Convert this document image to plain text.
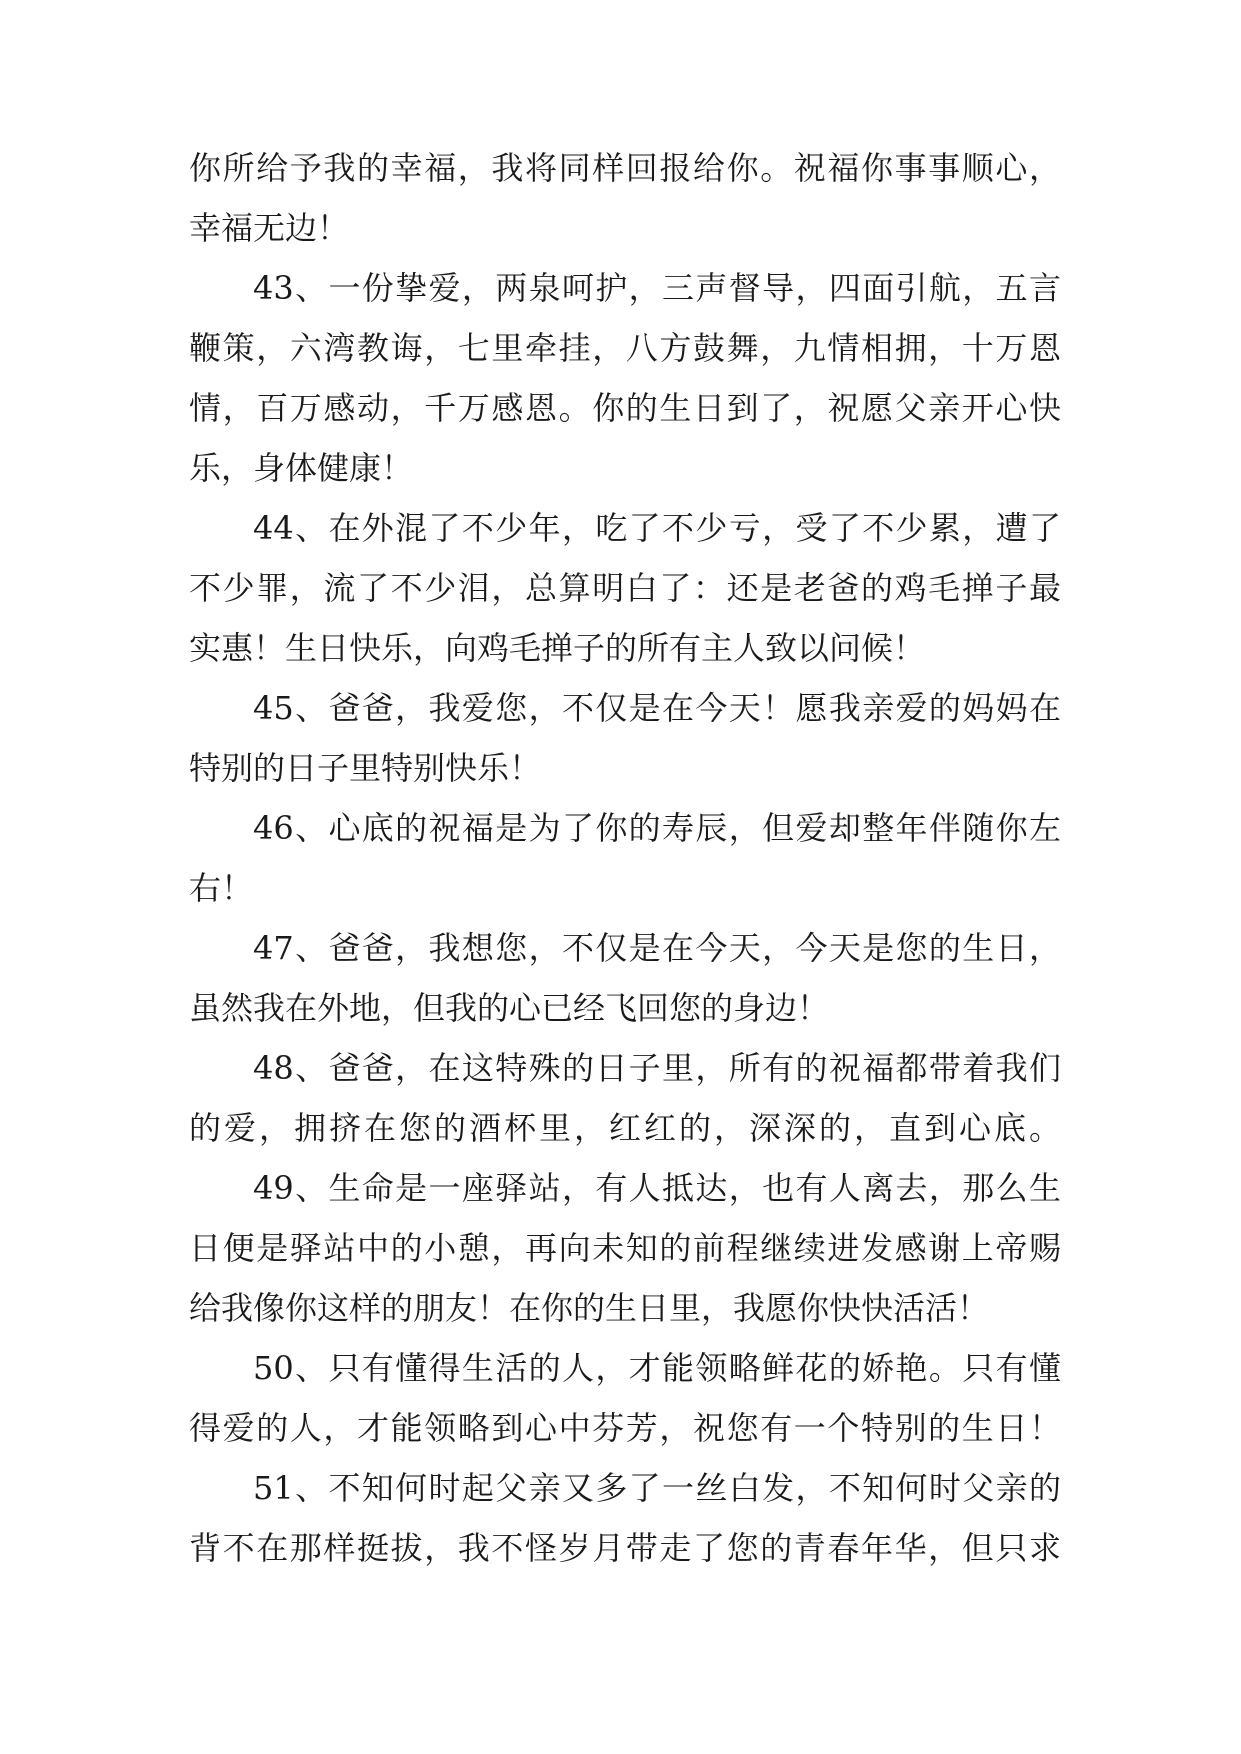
你所给予我的幸福，我将同样回报给你。祝福你事事顺心，
幸福无边！
43、一份挚爱，两泉呵护，三声督导，四面引航，五言
鞭策，六湾教诲，七里牵挂，八方鼓舞，九情相拥，十万恩
情，百万感动，千万感恩。你的生日到了，祝愿父亲开心快
乐，身体健康！
44、在外混了不少年，吃了不少亏，受了不少累，遭了
不少罪，流了不少泪，总算明白了：还是老爸的鸡毛掸子最
实惠！生日快乐，向鸡毛掸子的所有主人致以问候！
45、爸爸，我爱您，不仅是在今天！愿我亲爱的妈妈在
特别的日子里特别快乐！
46、心底的祝福是为了你的寿辰，但爱却整年伴随你左
右！
47、爸爸，我想您，不仅是在今天，今天是您的生日，
虽然我在外地，但我的心已经飞回您的身边！
48、爸爸，在这特殊的日子里，所有的祝福都带着我们
的爱，拥挤在您的酒杯里，红红的，深深的，直到心底。
49、生命是一座驿站，有人抵达，也有人离去，那么生
日便是驿站中的小憩，再向未知的前程继续进发感谢上帝赐
给我像你这样的朋友！在你的生日里，我愿你快快活活！
50、只有懂得生活的人，才能领略鲜花的娇艳。只有懂
得爱的人，才能领略到心中芬芳，祝您有一个特别的生日！
51、不知何时起父亲又多了一丝白发，不知何时父亲的
背不在那样挺拔，我不怪岁月带走了您的青春年华，但只求
